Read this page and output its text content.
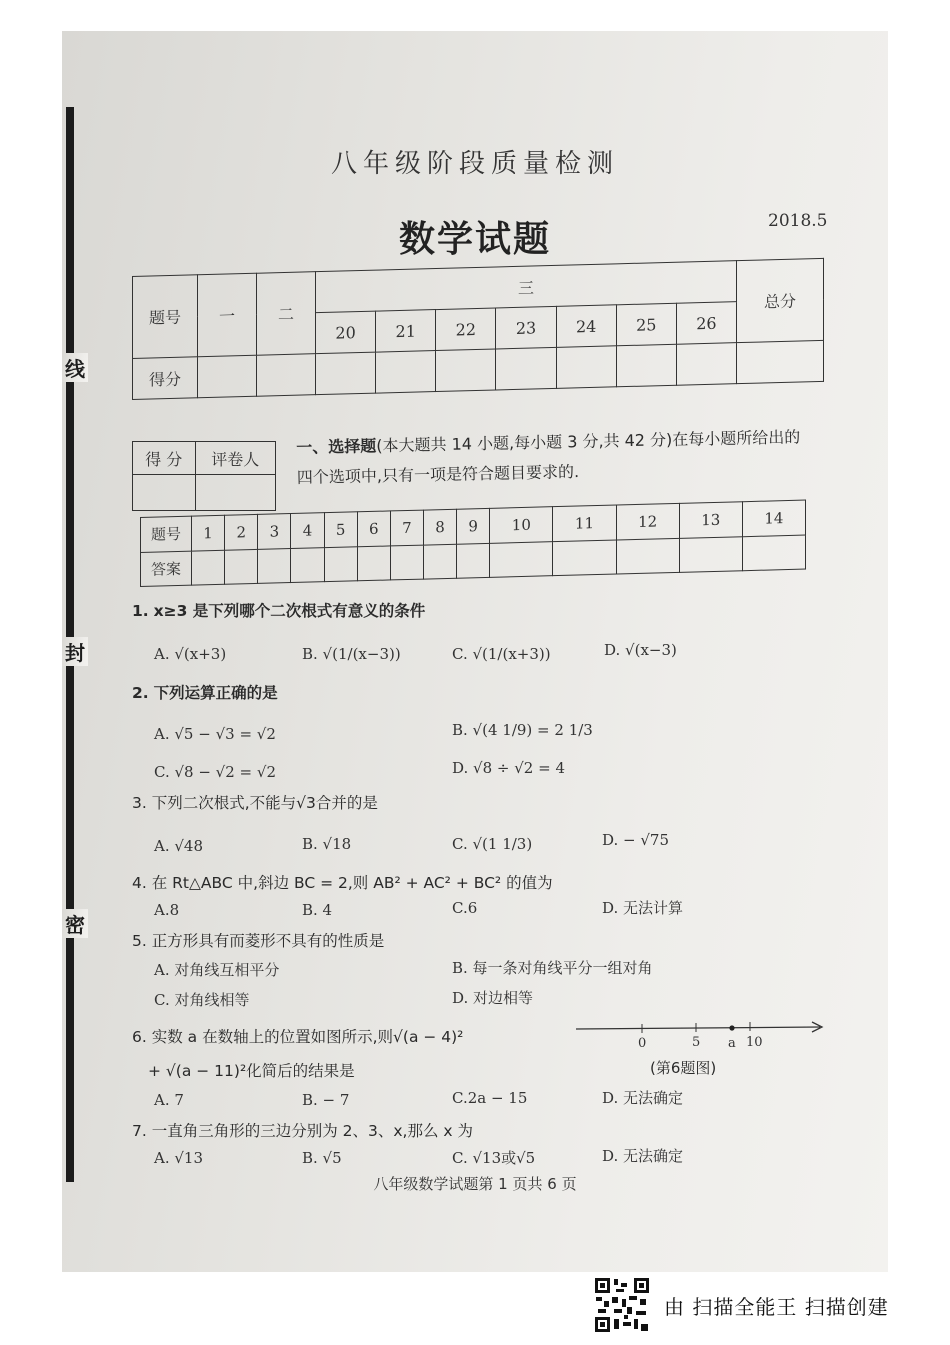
线
封
密
八年级阶段质量检测
数学试题	2018.5
题号	一	二	三							总分
			20	21	22	23	24	25	26	
得分										
得 分	评卷人

一、选择题(本大题共 14 小题,每小题 3 分,共 42 分)在每小题所给出的四个选项中,只有一项是符合题目要求的.
题号	1	2	3	4	5	6	7	8	9	10	11	12	13	14
答案														
1. x≥3 是下列哪个二次根式有意义的条件
A. √(x+3)	B. √(1/(x−3))	C. √(1/(x+3))	D. √(x−3)
2. 下列运算正确的是
A. √5 − √3 = √2	B. √(4 1/9) = 2 1/3
C. √8 − √2 = √2	D. √8 ÷ √2 = 4
3. 下列二次根式,不能与√3合并的是
A. √48	B. √18	C. √(1 1/3)	D. − √75
4. 在 Rt△ABC 中,斜边 BC = 2,则 AB² + AC² + BC² 的值为
A.8	B. 4	C.6	D. 无法计算
5. 正方形具有而菱形不具有的性质是
A. 对角线互相平分	B. 每一条对角线平分一组对角
C. 对角线相等	D. 对边相等
6. 实数 a 在数轴上的位置如图所示,则√(a − 4)²
+ √(a − 11)²化简后的结果是
0	5 a 10
(第6题图)
A. 7	B. − 7	C.2a − 15	D. 无法确定
7. 一直角三角形的三边分别为 2、3、x,那么 x 为
A. √13	B. √5	C. √13或√5	D. 无法确定
八年级数学试题第 1 页共 6 页
由 扫描全能王 扫描创建
